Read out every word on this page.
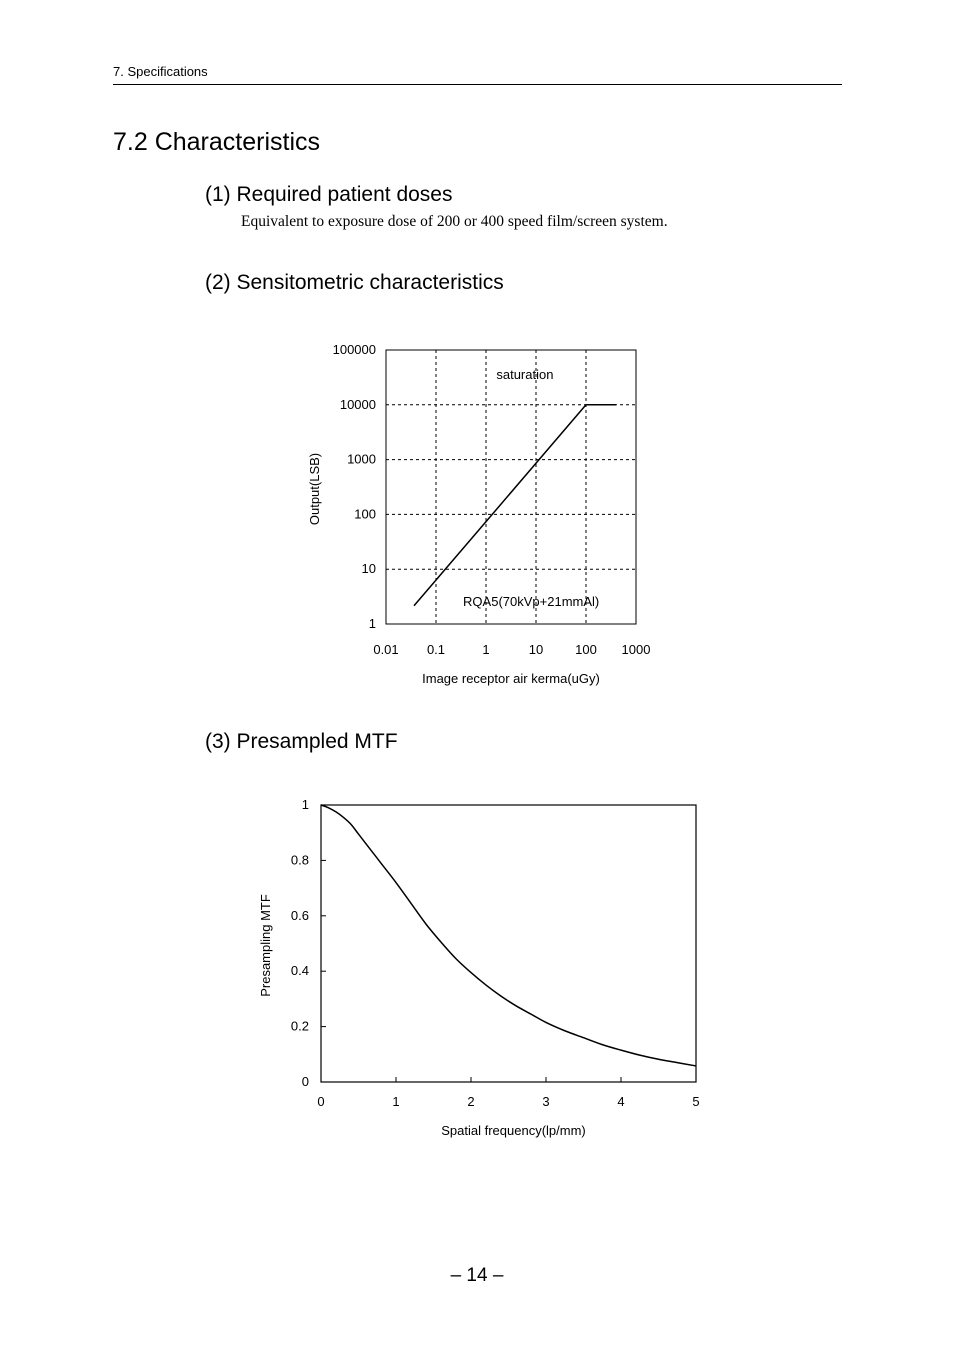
7. Specifications
7.2 Characteristics
(1) Required patient doses
Equivalent to exposure dose of 200 or 400 speed film/screen system.
(2) Sensitometric characteristics
0.01 0.1	1	10 100 1000
1
10
100
1000
10000
100000
Image receptor air kerma(uGy)
Output(LSB)
saturation
RQA5(70kVp+21mmAl)
(3) Presampled MTF
0	1	2	3	4	5
0
0.2
0.4
0.6
0.8
1
Spatial frequency(lp/mm)
Presampling MTF
– 14 –
